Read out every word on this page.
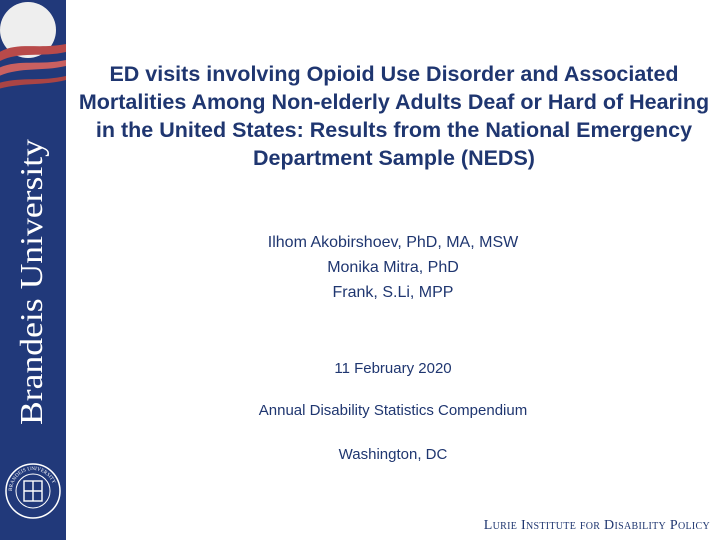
Brandeis University
BRANDEIS UNIVERSITY
ED visits involving Opioid Use Disorder and Associated Mortalities Among Non-elderly Adults Deaf or Hard of Hearing in the United States: Results from the National Emergency Department Sample (NEDS)
Ilhom Akobirshoev, PhD, MA, MSW
Monika Mitra, PhD
Frank, S.Li, MPP
11 February 2020
Annual Disability Statistics Compendium
Washington, DC
Lurie Institute for Disability Policy
